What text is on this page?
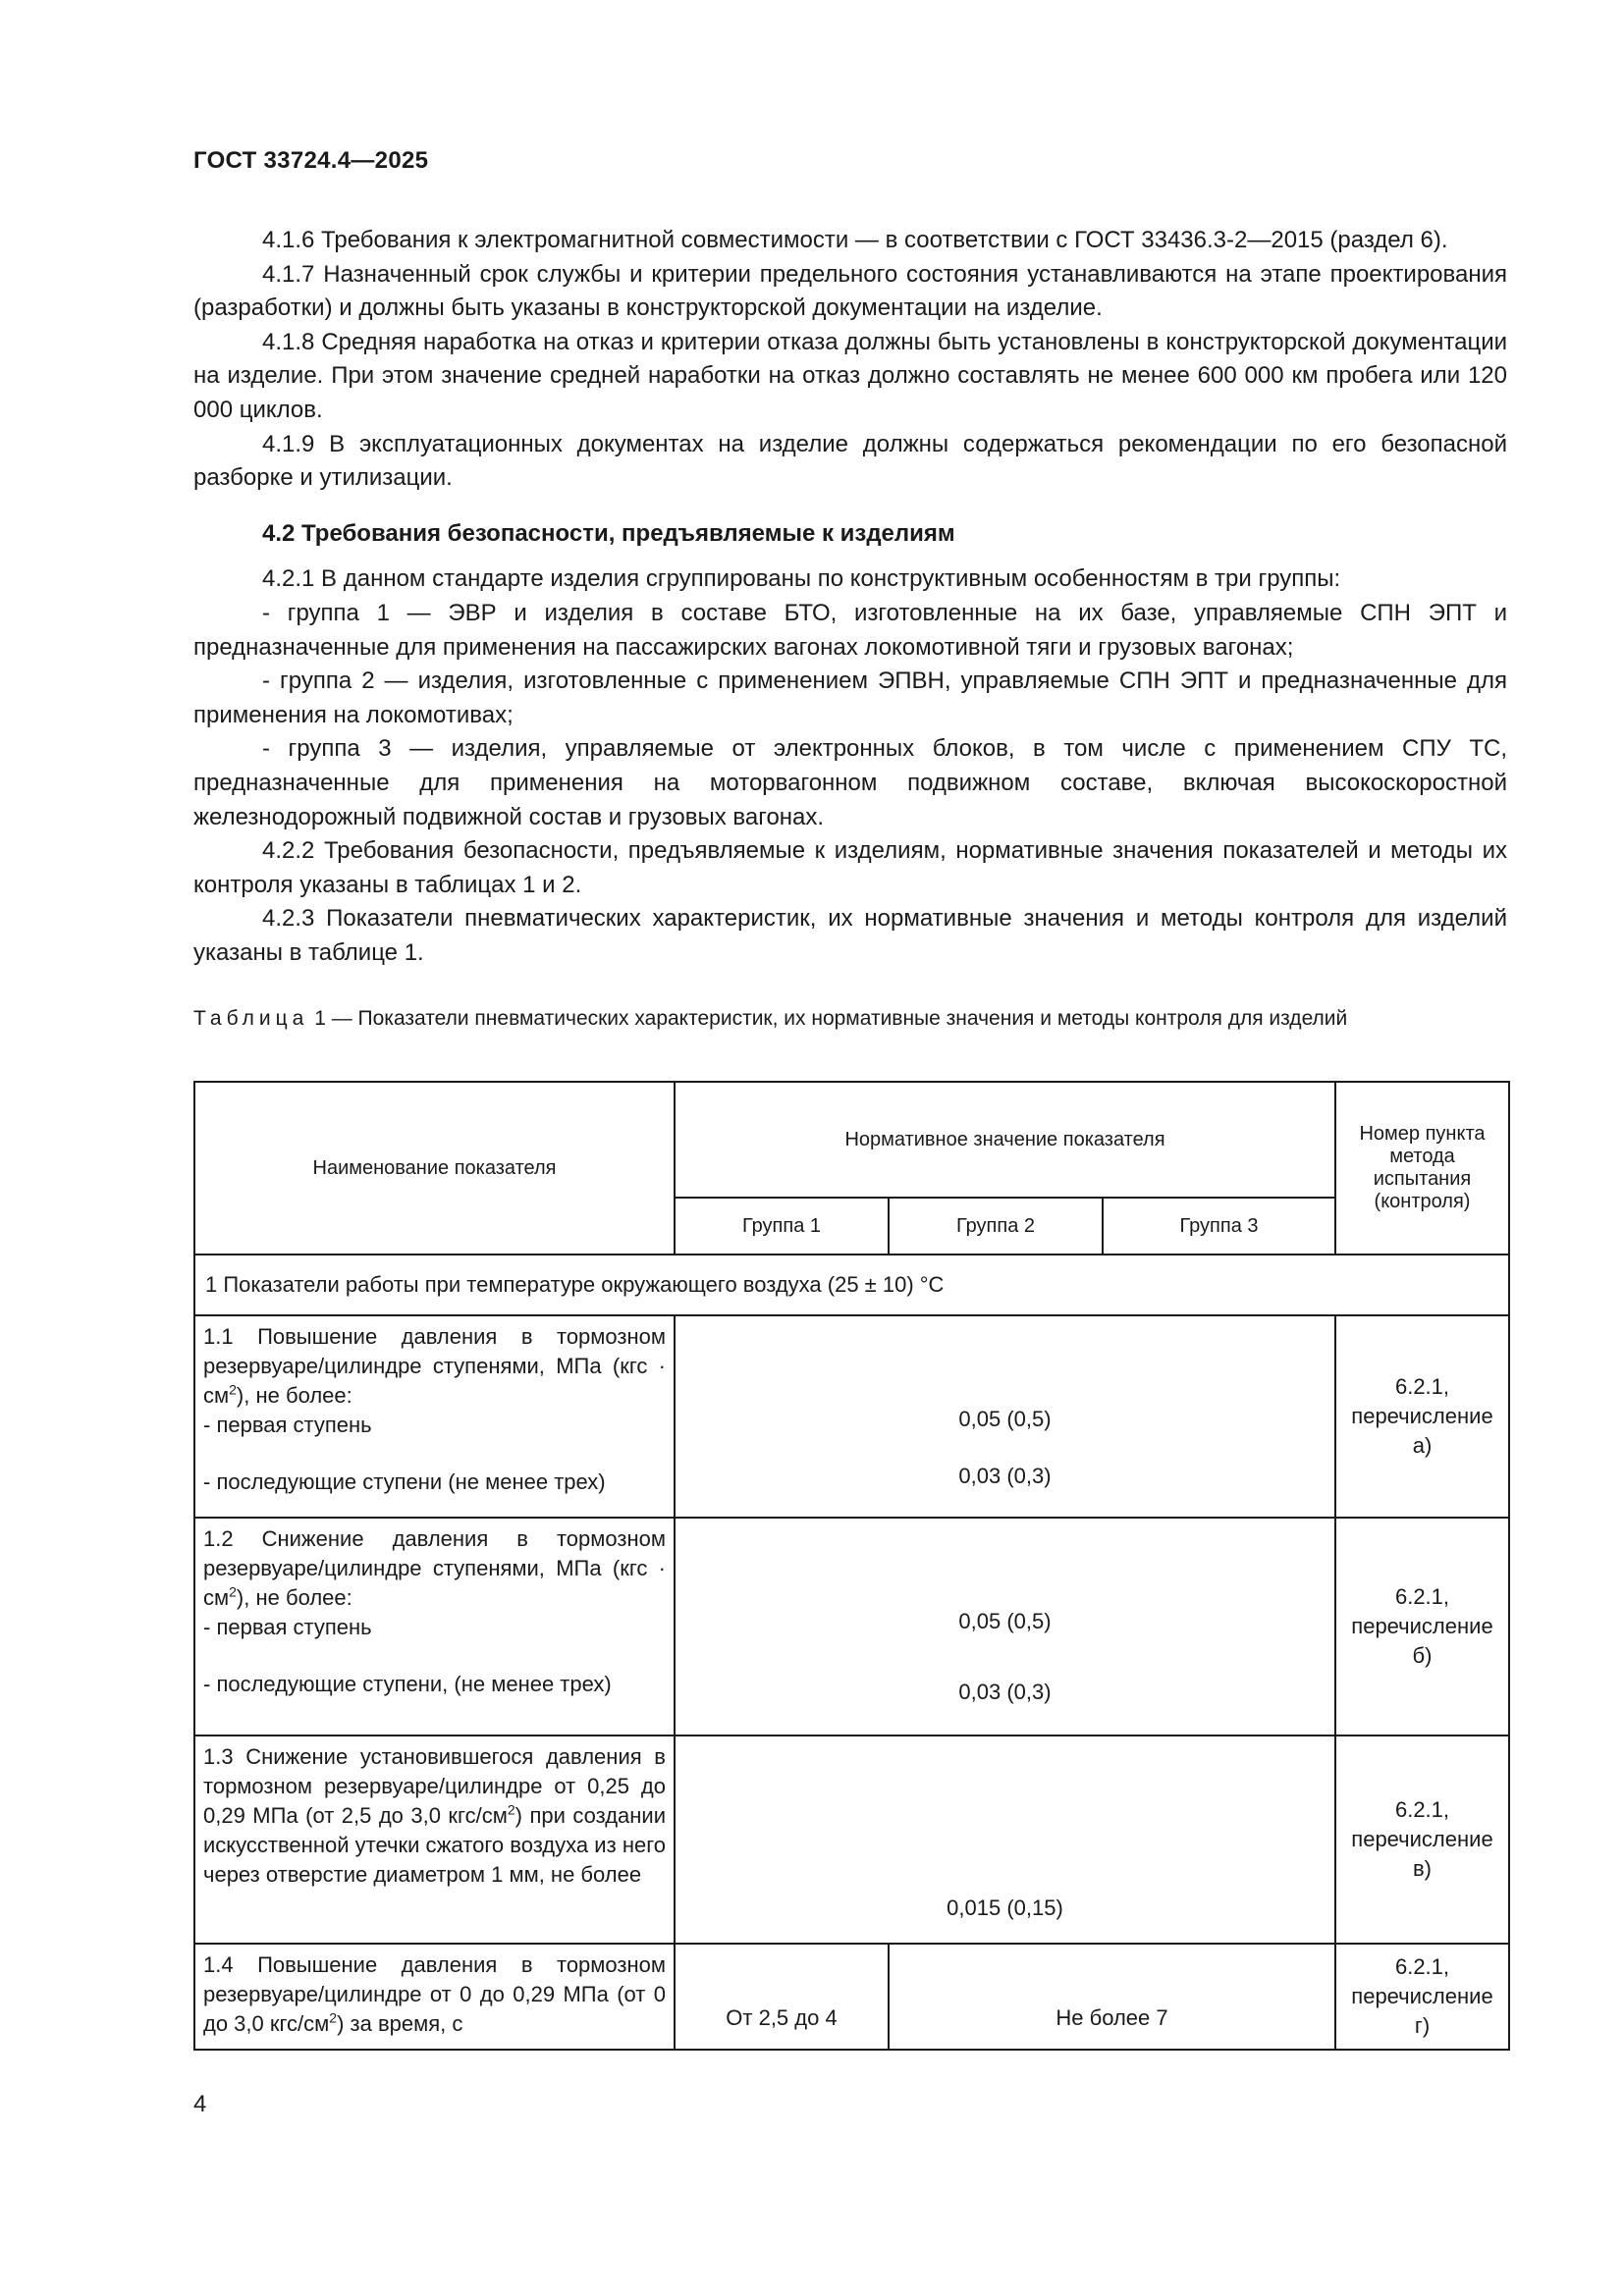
ГОСТ 33724.4—2025

4.1.6 Требования к электромагнитной совместимости — в соответствии с ГОСТ 33436.3-2—2015 (раздел 6).

4.1.7 Назначенный срок службы и критерии предельного состояния устанавливаются на этапе проектирования (разработки) и должны быть указаны в конструкторской документации на изделие.

4.1.8 Средняя наработка на отказ и критерии отказа должны быть установлены в конструкторской документации на изделие. При этом значение средней наработки на отказ должно составлять не менее 600 000 км пробега или 120 000 циклов.

4.1.9 В эксплуатационных документах на изделие должны содержаться рекомендации по его безопасной разборке и утилизации.

4.2 Требования безопасности, предъявляемые к изделиям

4.2.1 В данном стандарте изделия сгруппированы по конструктивным особенностям в три группы:

- группа 1 — ЭВР и изделия в составе БТО, изготовленные на их базе, управляемые СПН ЭПТ и предназначенные для применения на пассажирских вагонах локомотивной тяги и грузовых вагонах;

- группа 2 — изделия, изготовленные с применением ЭПВН, управляемые СПН ЭПТ и предназначенные для применения на локомотивах;

- группа 3 — изделия, управляемые от электронных блоков, в том числе с применением СПУ ТС, предназначенные для применения на моторвагонном подвижном составе, включая высокоскоростной железнодорожный подвижной состав и грузовых вагонах.

4.2.2 Требования безопасности, предъявляемые к изделиям, нормативные значения показателей и методы их контроля указаны в таблицах 1 и 2.

4.2.3 Показатели пневматических характеристик, их нормативные значения и методы контроля для изделий указаны в таблице 1.

Таблица 1 — Показатели пневматических характеристик, их нормативные значения и методы контроля для изделий
Наименование показателя	Нормативное значение показателя			Номер пункта метода испытания (контроля)
	Группа 1	Группа 2	Группа 3	
1 Показатели работы при температуре окружающего воздуха (25 ± 10) °С				
1.1 Повышение давления в тормозном резервуаре/цилиндре ступенями, МПа $(кгс \cdot см^2)$, не более:
- первая ступень
- последующие ступени (не менее трех)	0,05 (0,5)
0,03 (0,3)			6.2.1, перечисление а)
1.2 Снижение давления в тормозном резервуаре/цилиндре ступенями, МПа $(кгс \cdot см^2)$, не более:
- первая ступень
- последующие ступени, (не менее трех)	0,05 (0,5)
0,03 (0,3)			6.2.1, перечисление б)
1.3 Снижение установившегося давления в тормозном резервуаре/цилиндре от 0,25 до 0,29 МПа (от 2,5 до 3,0 кгс/$см^2$) при создании искусственной утечки сжатого воздуха из него через отверстие диаметром 1 мм, не более	0,015 (0,15)			6.2.1, перечисление в)
1.4 Повышение давления в тормозном резервуаре/цилиндре от 0 до 0,29 МПа (от 0 до 3,0 кгс/$см^2$) за время, с	От 2,5 до 4	Не более 7		6.2.1, перечисление г)
4
